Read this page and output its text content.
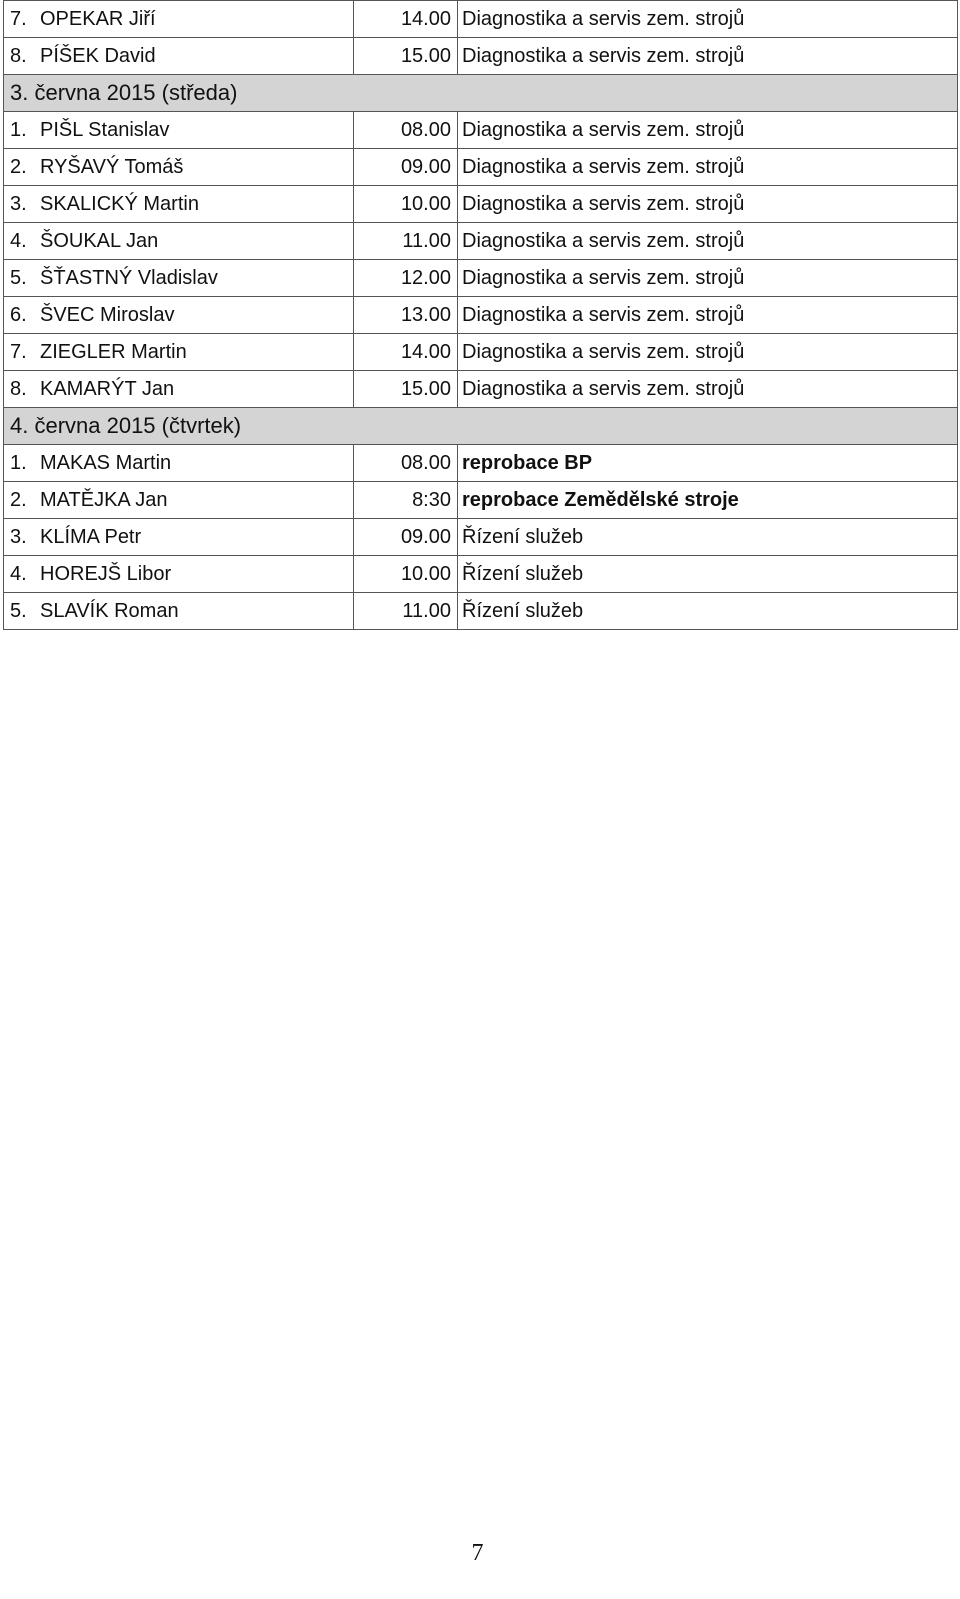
7.	OPEKAR Jiří	14.00	Diagnostika a servis zem. strojů
8.	PÍŠEK David	15.00	Diagnostika a servis zem. strojů
3. června 2015 (středa)			
1.	PIŠL Stanislav	08.00	Diagnostika a servis zem. strojů
2.	RYŠAVÝ Tomáš	09.00	Diagnostika a servis zem. strojů
3.	SKALICKÝ Martin	10.00	Diagnostika a servis zem. strojů
4.	ŠOUKAL Jan	11.00	Diagnostika a servis zem. strojů
5.	ŠŤASTNÝ Vladislav	12.00	Diagnostika a servis zem. strojů
6.	ŠVEC Miroslav	13.00	Diagnostika a servis zem. strojů
7.	ZIEGLER Martin	14.00	Diagnostika a servis zem. strojů
8.	KAMARÝT Jan	15.00	Diagnostika a servis zem. strojů
4. června 2015 (čtvrtek)			
1.	MAKAS Martin	08.00	reprobace BP
2.	MATĚJKA Jan	8:30	reprobace Zemědělské stroje
3.	KLÍMA Petr	09.00	Řízení služeb
4.	HOREJŠ Libor	10.00	Řízení služeb
5.	SLAVÍK Roman	11.00	Řízení služeb
7
